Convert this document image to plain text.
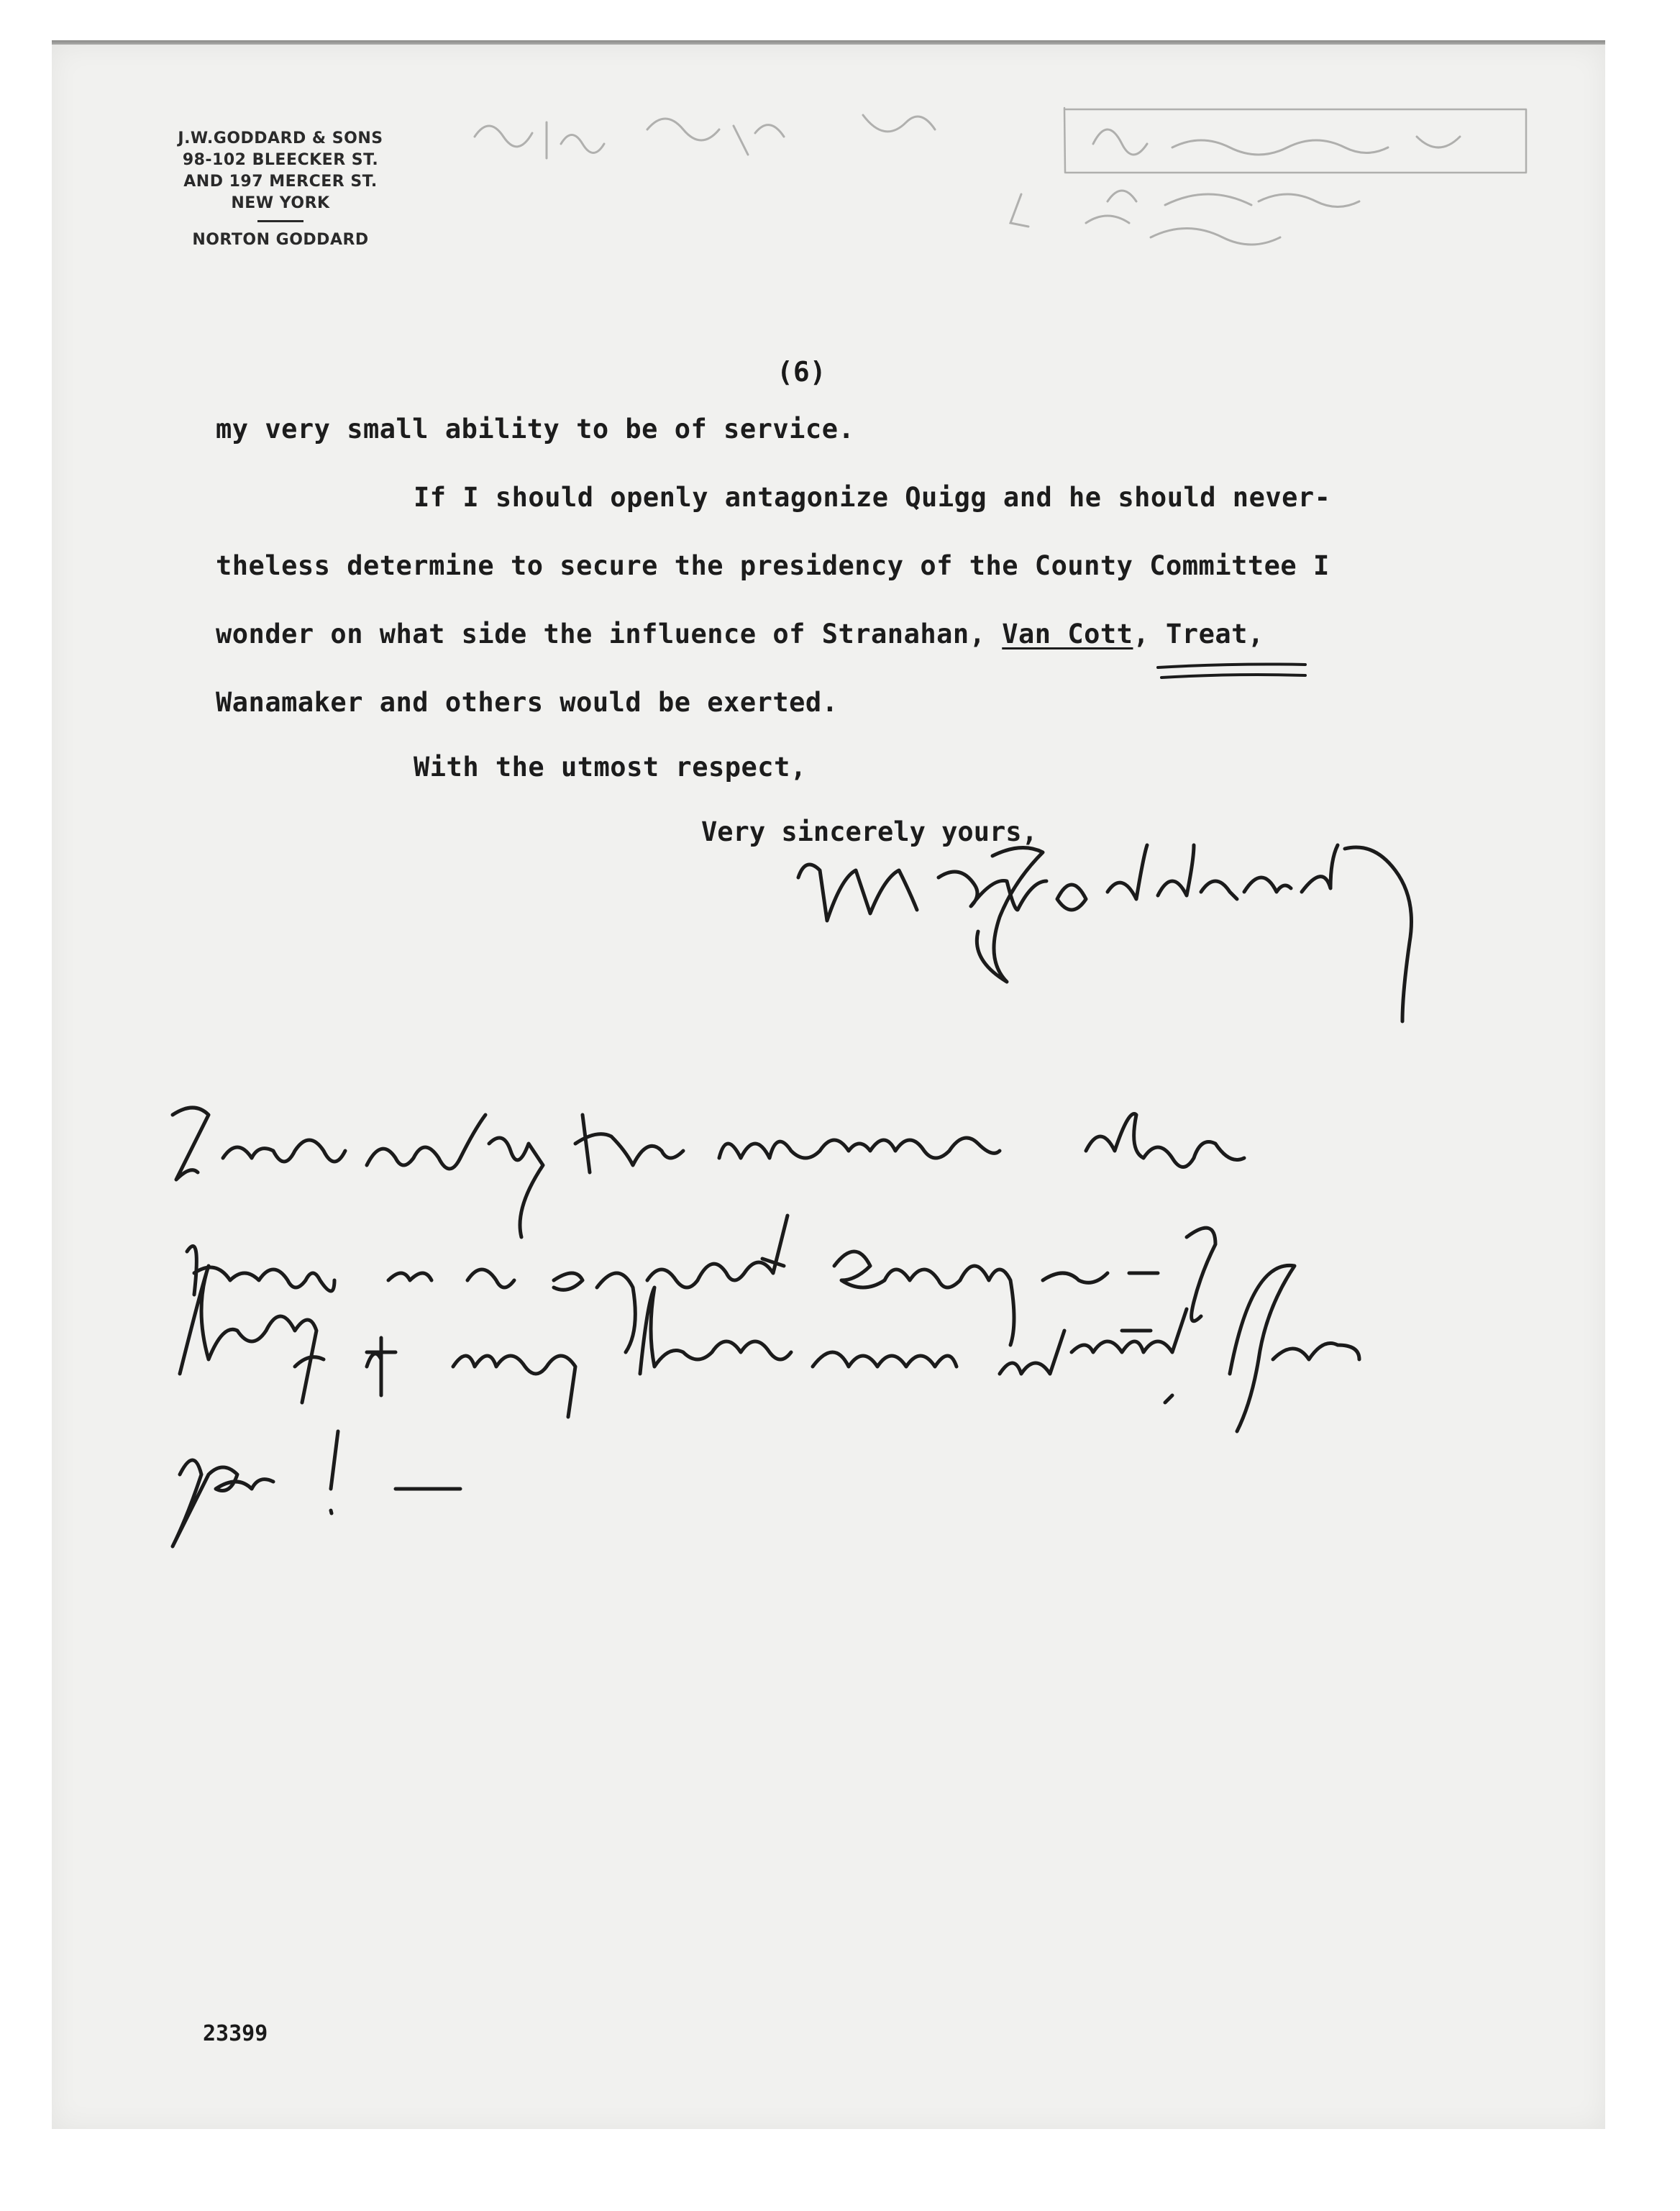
J.W.GODDARD & SONS
98-102 BLEECKER ST.
AND 197 MERCER ST.
NEW YORK
NORTON GODDARD
(6)
my very small ability to be of service.
If I should openly antagonize Quigg and he should never-
theless determine to secure the presidency of the County Committee I
wonder on what side the influence of Stranahan, Van Cott, Treat,
Wanamaker and others would be exerted.
With the utmost respect,
Very sincerely yours,
23399
